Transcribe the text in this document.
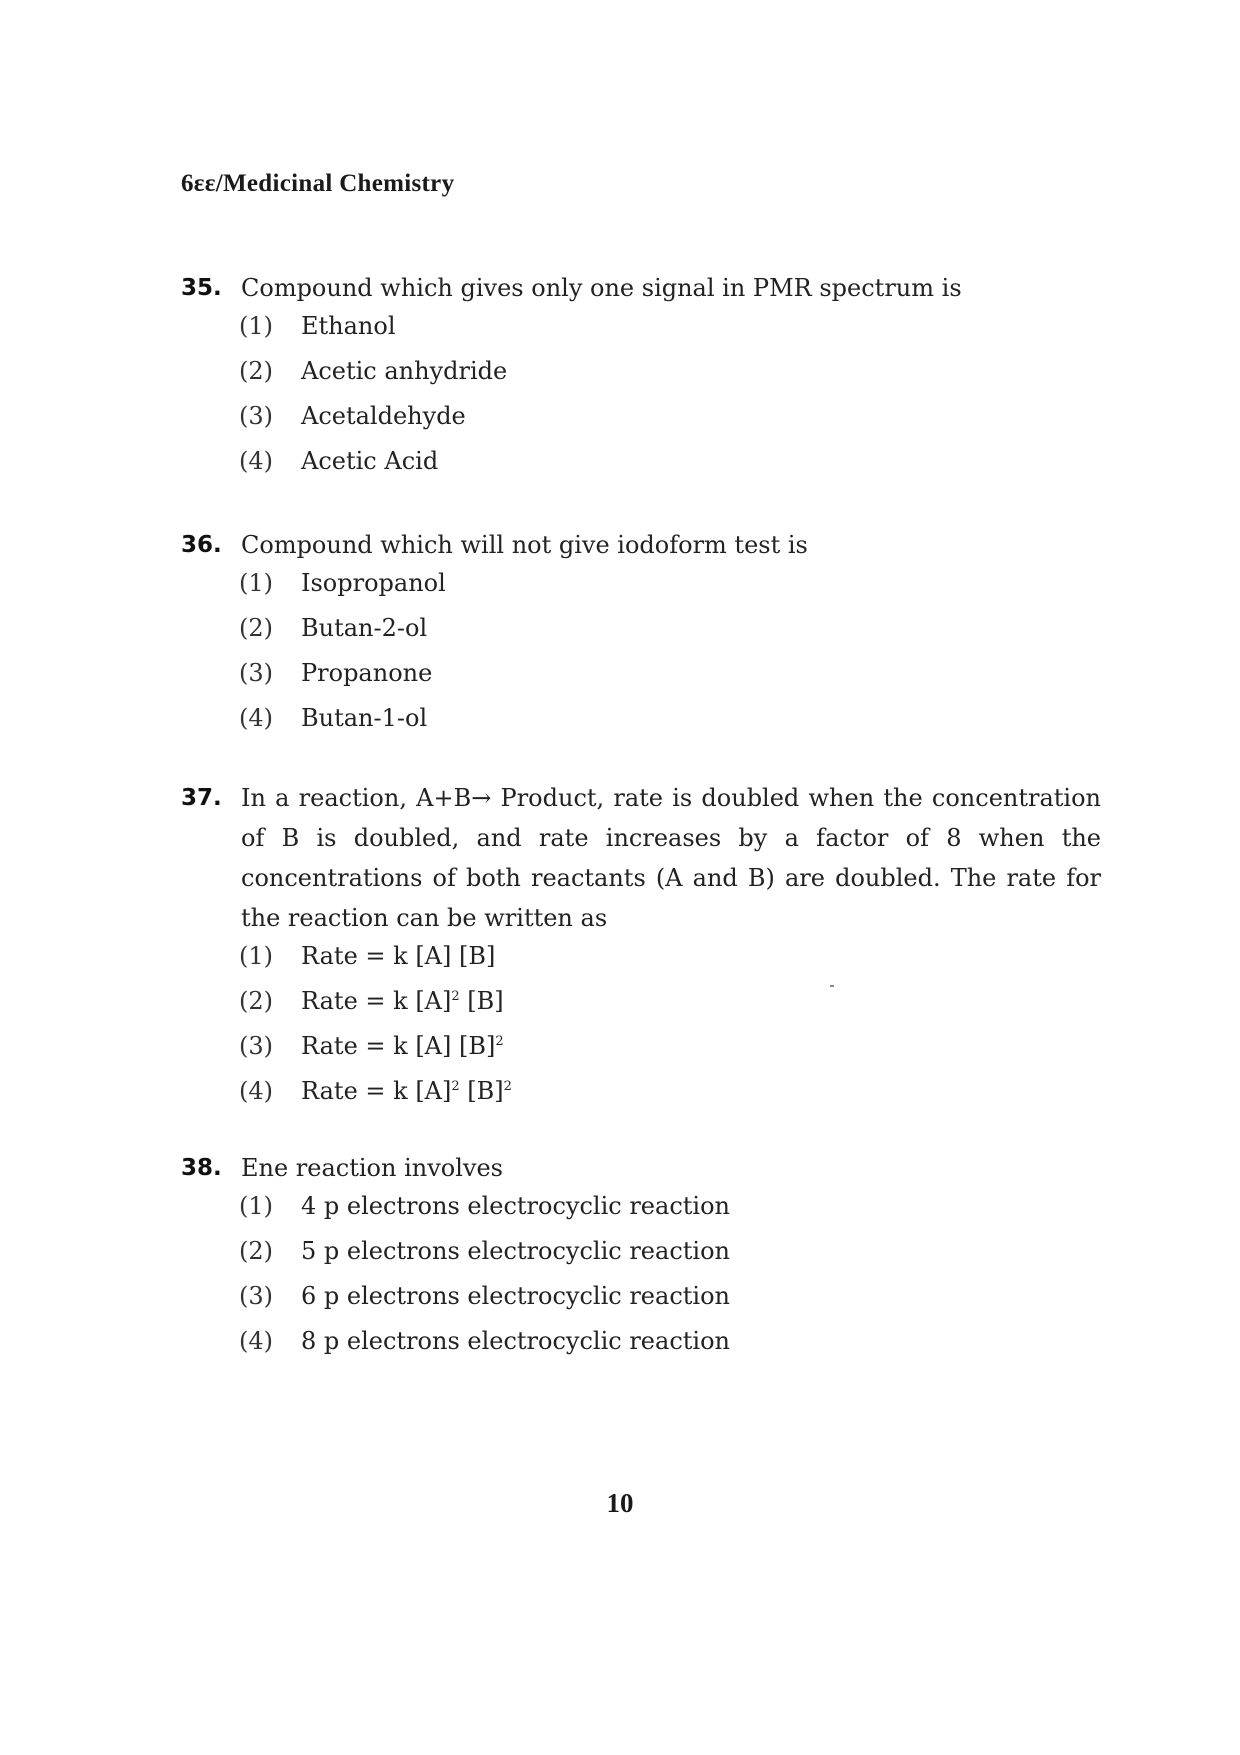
6εε/Medicinal Chemistry
35. Compound which gives only one signal in PMR spectrum is
(1)	Ethanol
(2)	Acetic anhydride
(3)	Acetaldehyde
(4)	Acetic Acid
36. Compound which will not give iodoform test is
(1)	Isopropanol
(2)	Butan-2-ol
(3)	Propanone
(4)	Butan-1-ol
37. In a reaction, A+B→ Product, rate is doubled when the concentration of B is doubled, and rate increases by a factor of 8 when the concentrations of both reactants (A and B) are doubled. The rate for the reaction can be written as
(1)	Rate = k [A] [B]
(2)	Rate = k $[A]^2$ [B]
(3)	Rate = k [A] $[B]^2$
(4)	Rate = k $[A]^2$ $[B]^2$
38. Ene reaction involves
(1)	4 p electrons electrocyclic reaction
(2)	5 p electrons electrocyclic reaction
(3)	6 p electrons electrocyclic reaction
(4)	8 p electrons electrocyclic reaction
10
